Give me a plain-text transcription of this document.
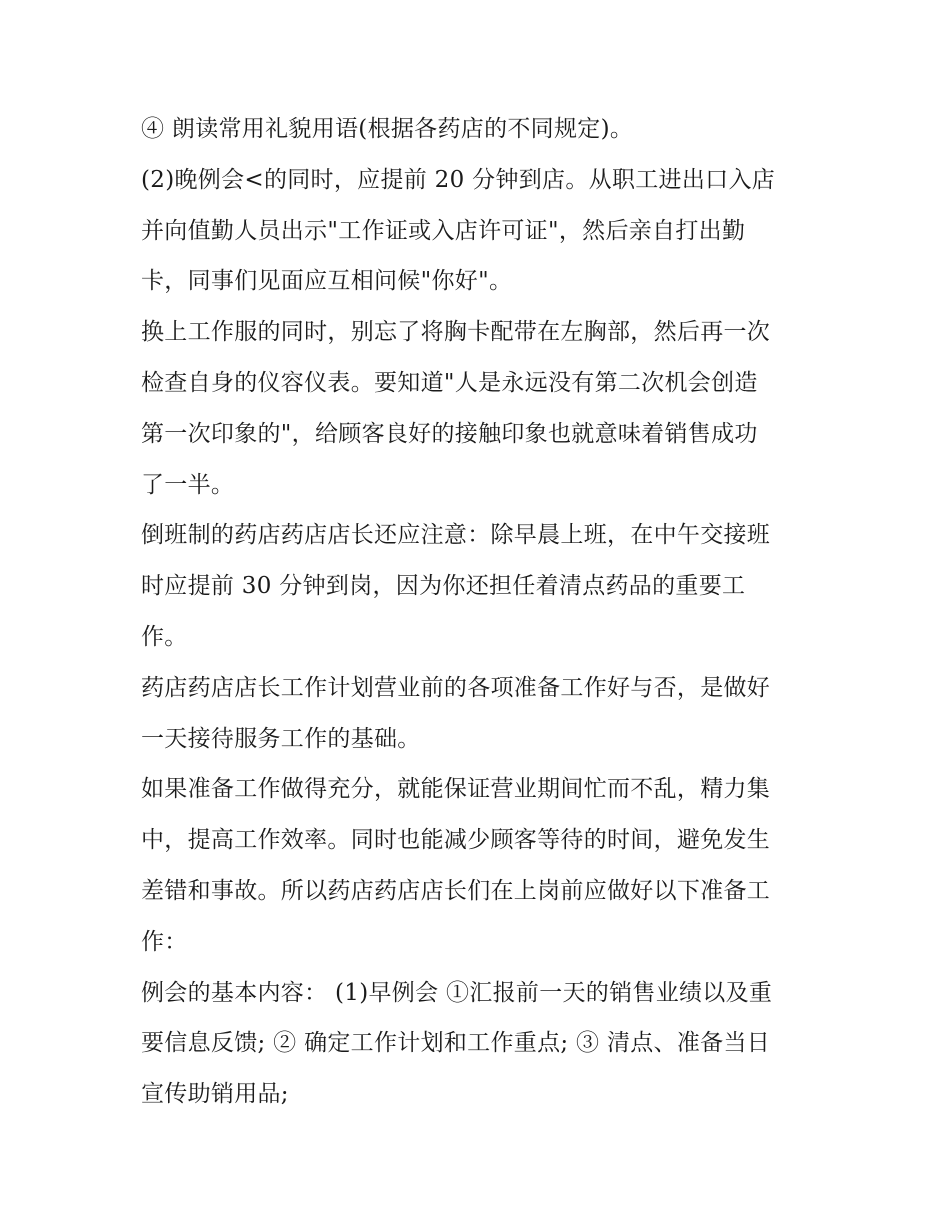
④ 朗读常用礼貌用语(根据各药店的不同规定)。
(2)晚例会<的同时，应提前 20 分钟到店。从职工进出口入店
并向值勤人员出示"工作证或入店许可证"，然后亲自打出勤
卡，同事们见面应互相问候"你好"。
换上工作服的同时，别忘了将胸卡配带在左胸部，然后再一次
检查自身的仪容仪表。要知道"人是永远没有第二次机会创造
第一次印象的"，给顾客良好的接触印象也就意味着销售成功
了一半。
倒班制的药店药店店长还应注意：除早晨上班，在中午交接班
时应提前 30 分钟到岗，因为你还担任着清点药品的重要工
作。
药店药店店长工作计划营业前的各项准备工作好与否，是做好
一天接待服务工作的基础。
如果准备工作做得充分，就能保证营业期间忙而不乱，精力集
中，提高工作效率。同时也能减少顾客等待的时间，避免发生
差错和事故。所以药店药店店长们在上岗前应做好以下准备工
作：
例会的基本内容： (1)早例会 ①汇报前一天的销售业绩以及重
要信息反馈; ② 确定工作计划和工作重点; ③ 清点、准备当日
宣传助销用品;
